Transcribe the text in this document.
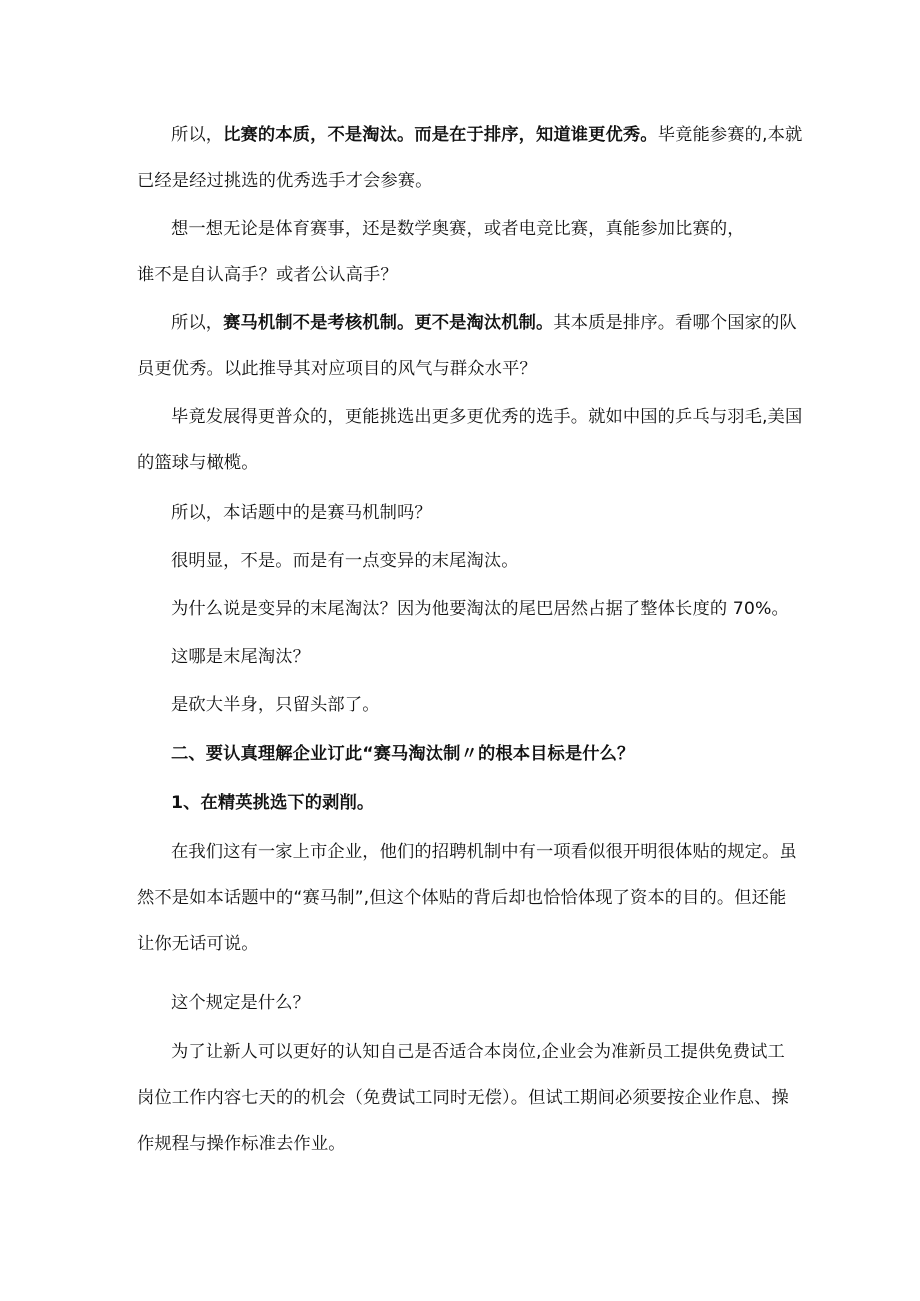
所以，比赛的本质，不是淘汰。而是在于排序，知道谁更优秀。毕竟能参赛的,本就
已经是经过挑选的优秀选手才会参赛。
想一想无论是体育赛事，还是数学奥赛，或者电竞比赛，真能参加比赛的，
谁不是自认高手？或者公认高手？
所以，赛马机制不是考核机制。更不是淘汰机制。其本质是排序。看哪个国家的队
员更优秀。以此推导其对应项目的风气与群众水平？
毕竟发展得更普众的，更能挑选出更多更优秀的选手。就如中国的乒乓与羽毛,美国
的篮球与橄榄。
所以，本话题中的是赛马机制吗？
很明显，不是。而是有一点变异的末尾淘汰。
为什么说是变异的末尾淘汰？因为他要淘汰的尾巴居然占据了整体长度的 70%。
这哪是末尾淘汰？
是砍大半身，只留头部了。
二、要认真理解企业订此“赛马淘汰制〃的根本目标是什么？
1、在精英挑选下的剥削。
在我们这有一家上市企业，他们的招聘机制中有一项看似很开明很体贴的规定。虽
然不是如本话题中的“赛马制”,但这个体贴的背后却也恰恰体现了资本的目的。但还能
让你无话可说。
这个规定是什么？
为了让新人可以更好的认知自己是否适合本岗位,企业会为准新员工提供免费试工
岗位工作内容七天的的机会（免费试工同时无偿）。但试工期间必须要按企业作息、操
作规程与操作标准去作业。
